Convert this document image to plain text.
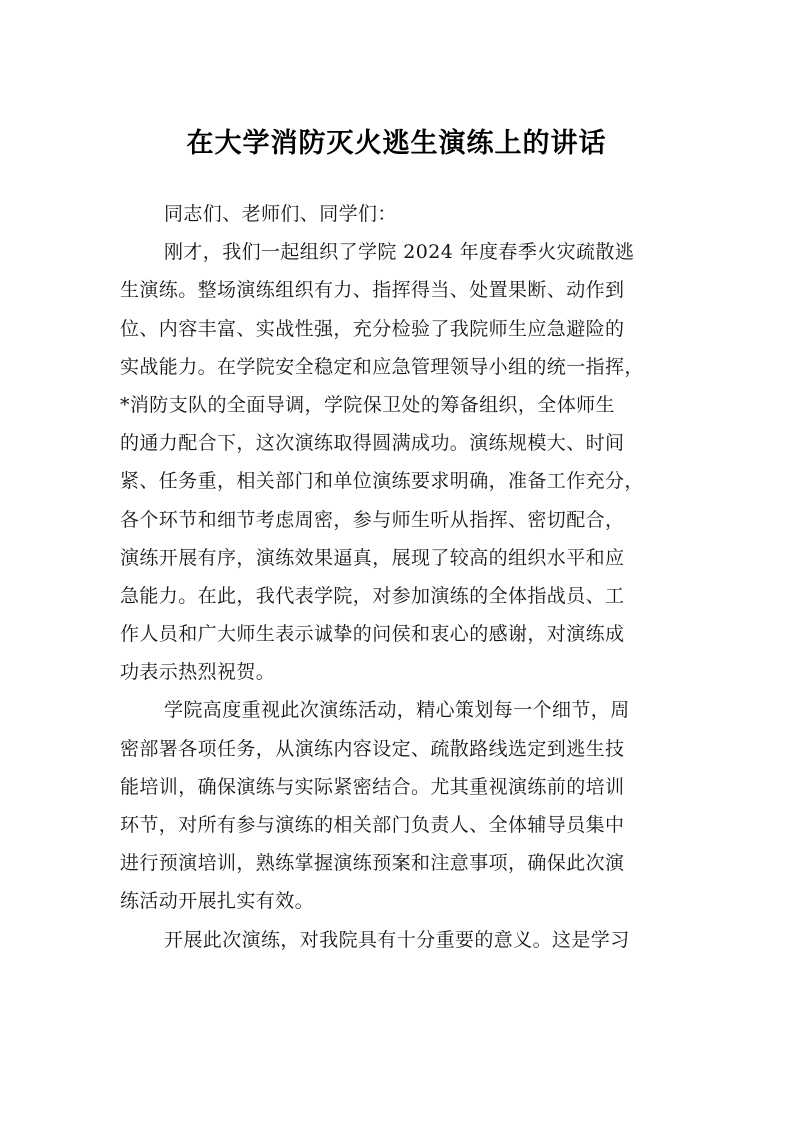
在大学消防灭火逃生演练上的讲话
同志们、老师们、同学们：
刚才，我们一起组织了学院 2024 年度春季火灾疏散逃
生演练。整场演练组织有力、指挥得当、处置果断、动作到
位、内容丰富、实战性强，充分检验了我院师生应急避险的
实战能力。在学院安全稳定和应急管理领导小组的统一指挥，
*消防支队的全面导调，学院保卫处的筹备组织，全体师生
的通力配合下，这次演练取得圆满成功。演练规模大、时间
紧、任务重，相关部门和单位演练要求明确，准备工作充分，
各个环节和细节考虑周密，参与师生听从指挥、密切配合，
演练开展有序，演练效果逼真，展现了较高的组织水平和应
急能力。在此，我代表学院，对参加演练的全体指战员、工
作人员和广大师生表示诚挚的问侯和衷心的感谢，对演练成
功表示热烈祝贺。
学院高度重视此次演练活动，精心策划每一个细节，周
密部署各项任务，从演练内容设定、疏散路线选定到逃生技
能培训，确保演练与实际紧密结合。尤其重视演练前的培训
环节，对所有参与演练的相关部门负责人、全体辅导员集中
进行预演培训，熟练掌握演练预案和注意事项，确保此次演
练活动开展扎实有效。
开展此次演练，对我院具有十分重要的意义。这是学习
